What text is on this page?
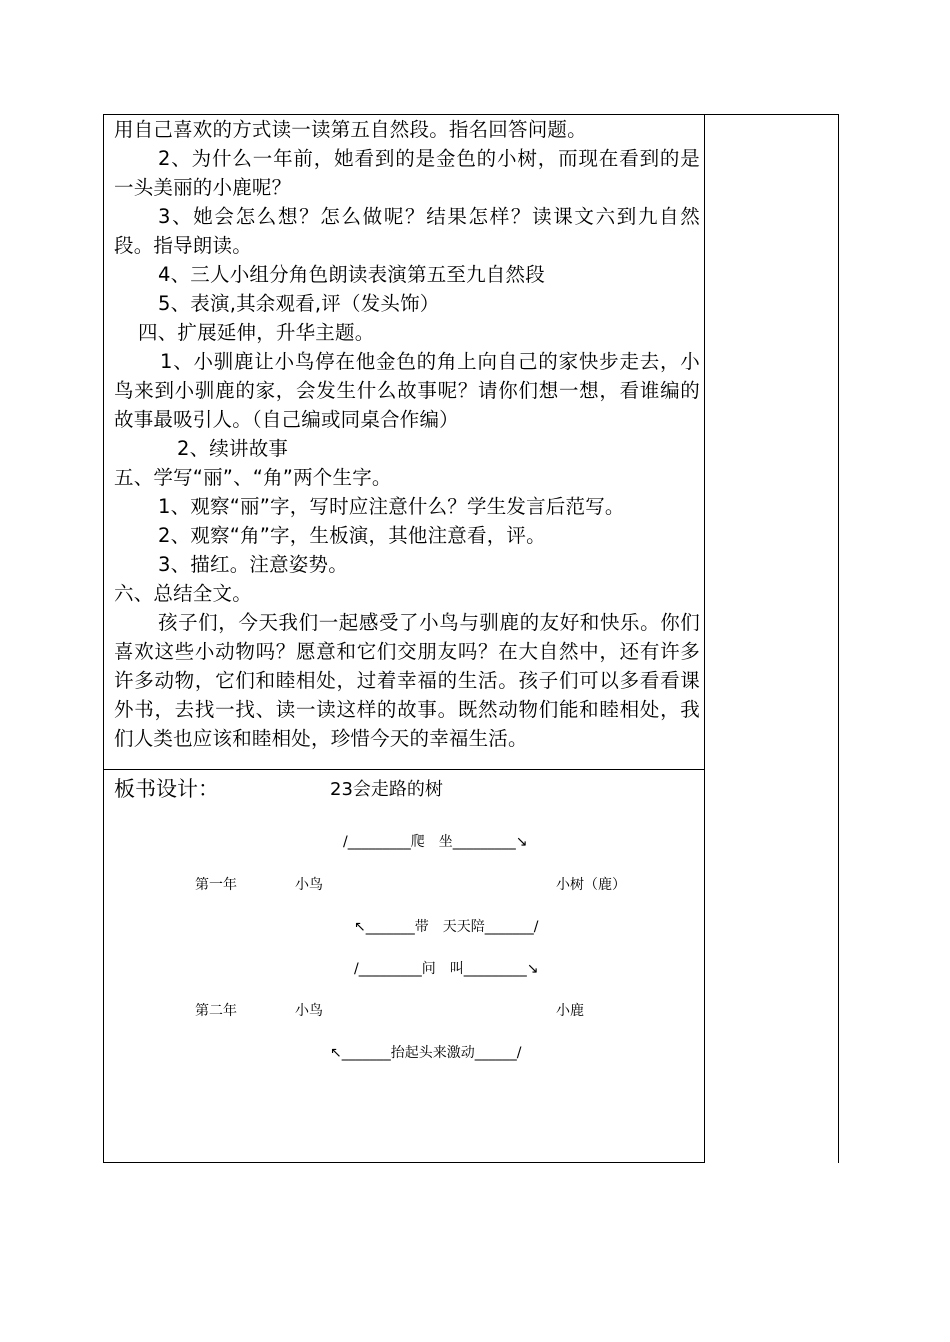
用自己喜欢的方式读一读第五自然段。指名回答问题。

2、为什么一年前，她看到的是金色的小树，而现在看到的是一头美丽的小鹿呢？

3、她会怎么想？怎么做呢？结果怎样？读课文六到九自然段。指导朗读。

4、三人小组分角色朗读表演第五至九自然段

5、表演,其余观看,评（发头饰）

四、扩展延伸，升华主题。

1、小驯鹿让小鸟停在他金色的角上向自己的家快步走去，小鸟来到小驯鹿的家，会发生什么故事呢？请你们想一想，看谁编的故事最吸引人。（自己编或同桌合作编）

2、续讲故事

五、学写“丽”、“角”两个生字。

1、观察“丽”字，写时应注意什么？学生发言后范写。

2、观察“角”字，生板演，其他注意看，评。

3、描红。注意姿势。

六、总结全文。

孩子们，今天我们一起感受了小鸟与驯鹿的友好和快乐。你们喜欢这些小动物吗？愿意和它们交朋友吗？在大自然中，还有许多许多动物，它们和睦相处，过着幸福的生活。孩子们可以多看看课外书，去找一找、读一读这样的故事。既然动物们能和睦相处，我们人类也应该和睦相处，珍惜今天的幸福生活。

板书设计：	23会走路的树
/_________爬　坐_________↘
第一年	小鸟	小树（鹿）
↖_______带　天天陪_______/
/_________问　叫_________↘
第二年	小鸟	小鹿
↖_______抬起头来激动______/
